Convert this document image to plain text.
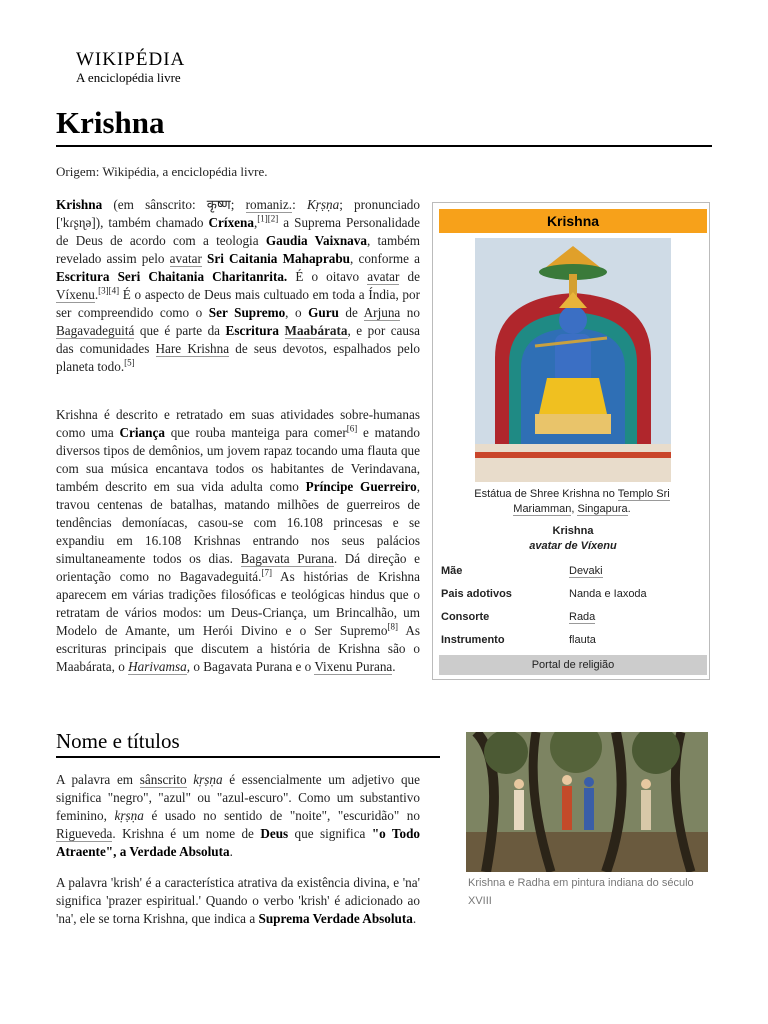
WIKIPÉDIA
A enciclopédia livre
Krishna
Origem: Wikipédia, a enciclopédia livre.

Krishna (em sânscrito: कृष्ण; romaniz.: Kṛṣṇa; pronunciado ['kɾʂɳə]), também chamado Críxena,[1][2] a Suprema Personalidade de Deus de acordo com a teologia Gaudia Vaixnava, também revelado assim pelo avatar Sri Caitania Mahaprabu, conforme a Escritura Seri Chaitania Charitanrita. É o oitavo avatar de Víxenu.[3][4] É o aspecto de Deus mais cultuado em toda a Índia, por ser compreendido como o Ser Supremo, o Guru de Arjuna no Bagavadeguitá que é parte da Escritura Maabárata, e por causa das comunidades Hare Krishna de seus devotos, espalhados pelo planeta todo.[5]

Krishna é descrito e retratado em suas atividades sobre-humanas como uma Criança que rouba manteiga para comer[6] e matando diversos tipos de demônios, um jovem rapaz tocando uma flauta que com sua música encantava todos os habitantes de Verindavana, também descrito em sua vida adulta como Príncipe Guerreiro, travou centenas de batalhas, matando milhões de guerreiros de tendências demoníacas, casou-se com 16.108 princesas e se expandiu em 16.108 Krishnas entrando nos seus palácios simultaneamente todos os dias. Bagavata Purana. Dá direção e orientação como no Bagavadeguitá.[7] As histórias de Krishna aparecem em várias tradições filosóficas e teológicas hindus que o retratam de vários modos: um Deus-Criança, um Brincalhão, um Modelo de Amante, um Herói Divino e o Ser Supremo[8] As escrituras principais que discutem a história de Krishna são o Maabárata, o Harivamsa, o Bagavata Purana e o Vixenu Purana.

Krishna
Estátua de Shree Krishna no Templo Sri Mariamman, Singapura.
Krishna
avatar de Víxenu
Mãe	Devaki
Pais adotivos	Nanda e Iaxoda
Consorte	Rada
Instrumento	flauta
Portal de religião
Nome e títulos

A palavra em sânscrito kṛṣṇa é essencialmente um adjetivo que significa "negro", "azul" ou "azul-escuro". Como um substantivo feminino, kṛṣṇa é usado no sentido de "noite", "escuridão" no Rigueveda. Krishna é um nome de Deus que significa "o Todo Atraente", a Verdade Absoluta.

A palavra 'krish' é a característica atrativa da existência divina, e 'na' significa 'prazer espiritual.' Quando o verbo 'krish' é adicionado ao 'na', ele se torna Krishna, que indica a Suprema Verdade Absoluta.

Krishna e Radha em pintura indiana do século XVIII
